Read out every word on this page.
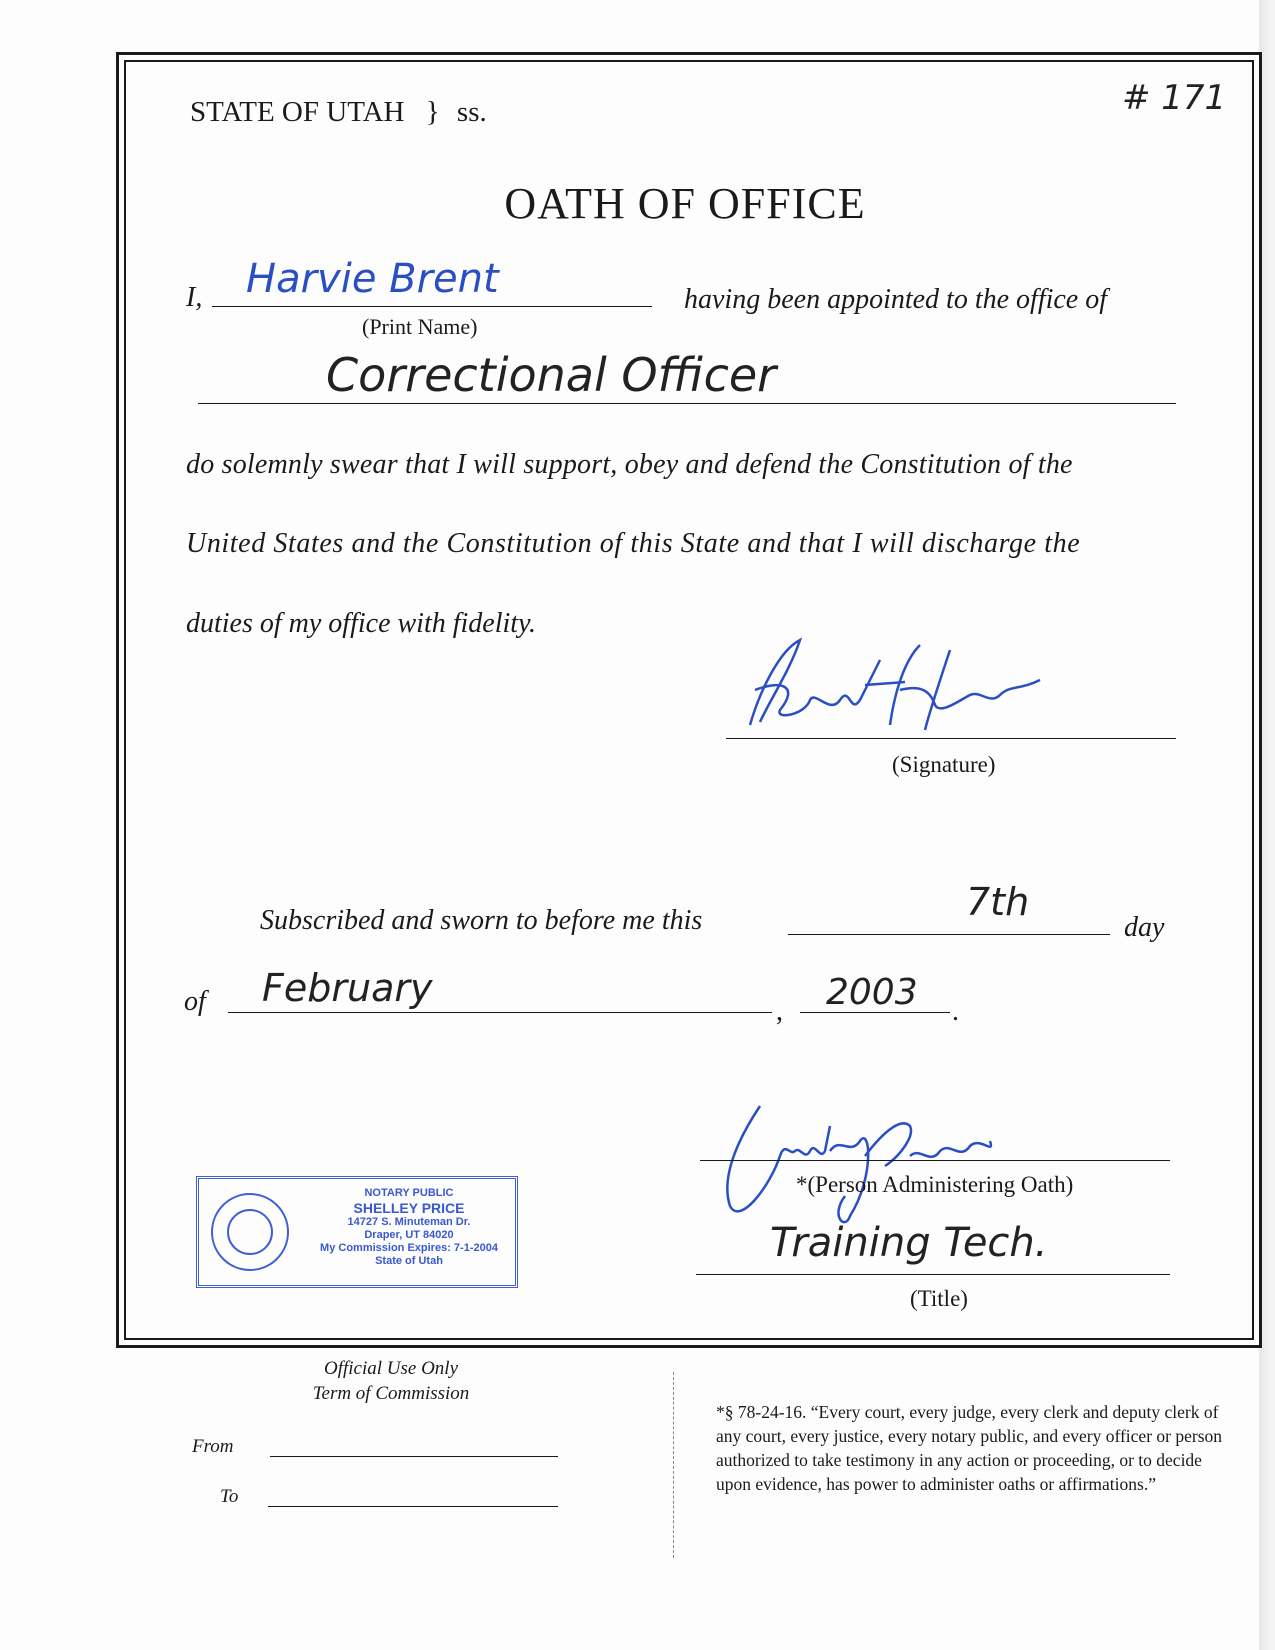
STATE OF UTAH } ss.	# 171
OATH OF OFFICE
I, Harvie Brent
(Print Name)
having been appointed to the office of
Correctional Officer
do solemnly swear that I will support, obey and defend the Constitution of the
United States and the Constitution of this State and that I will discharge the
duties of my office with fidelity.
(Signature)
Subscribed and sworn to before me this	7th
day
of February
, 2003 .
*(Person Administering Oath)
Training Tech.
(Title)
NOTARY PUBLIC
SHELLEY PRICE
14727 S. Minuteman Dr.
Draper, UT 84020
My Commission Expires: 7-1-2004
State of Utah
Official Use Only
Term of Commission
From
To
*§ 78-24-16. “Every court, every judge, every clerk and deputy clerk of any court, every justice, every notary public, and every officer or person authorized to take testimony in any action or proceeding, or to decide upon evidence, has power to administer oaths or affirmations.”
